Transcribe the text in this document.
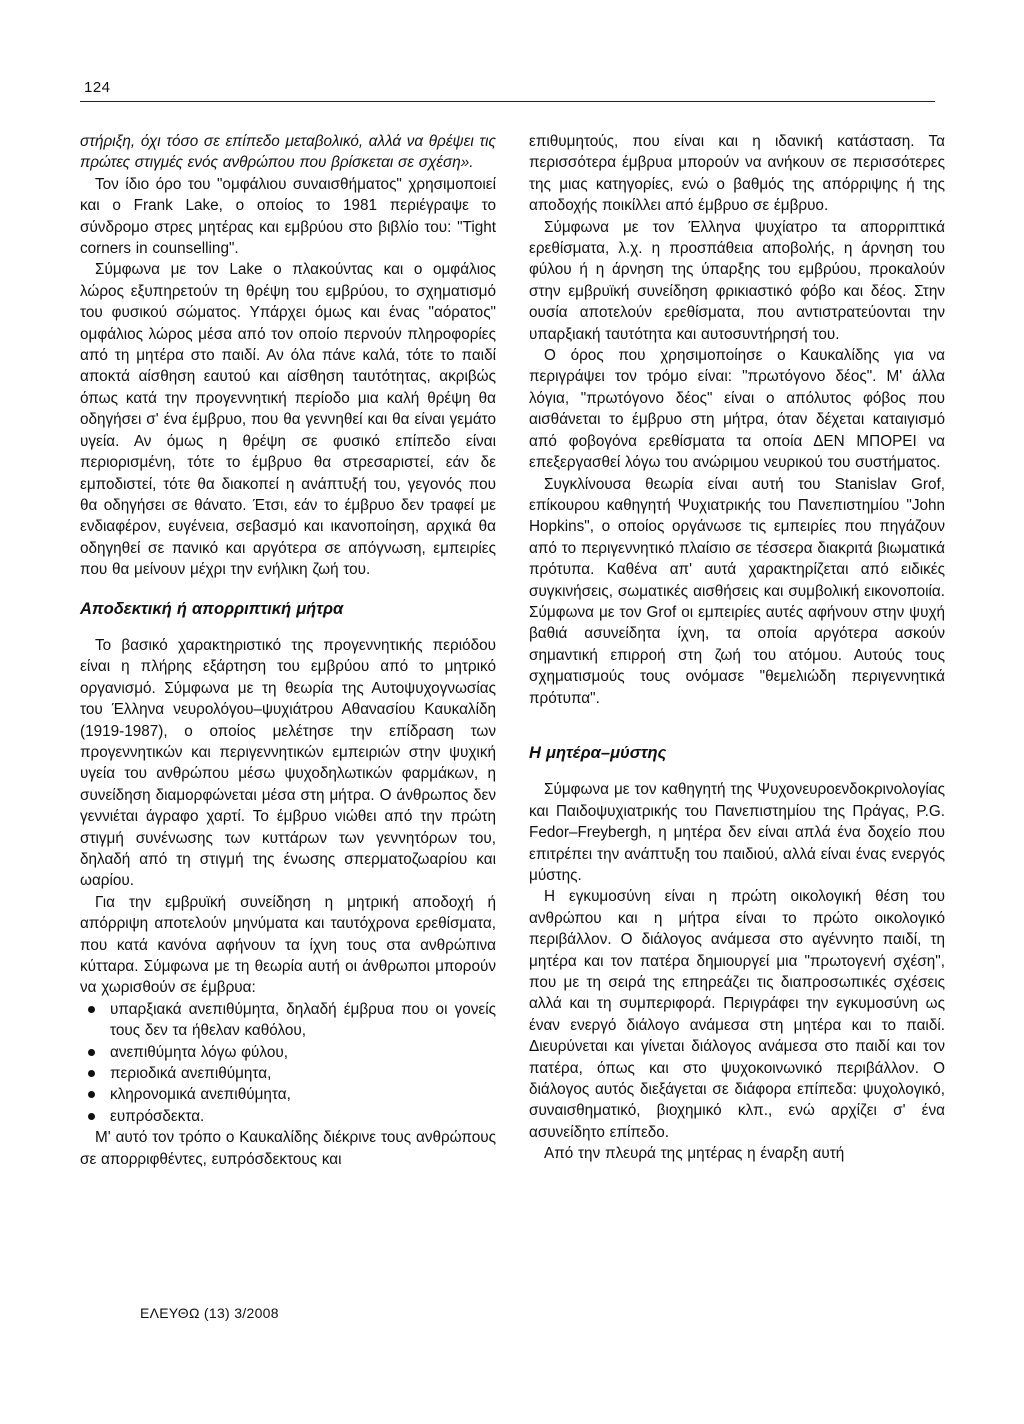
124

στήριξη, όχι τόσο σε επίπεδο μεταβολικό, αλλά να θρέψει τις πρώτες στιγμές ενός ανθρώπου που βρίσκεται σε σχέση».

Τον ίδιο όρο του "ομφάλιου συναισθήματος" χρησιμοποιεί και ο Frank Lake, ο οποίος το 1981 περιέγραψε το σύνδρομο στρες μητέρας και εμβρύου στο βιβλίο του: "Tight corners in counselling".

Σύμφωνα με τον Lake ο πλακούντας και ο ομφάλιος λώρος εξυπηρετούν τη θρέψη του εμβρύου, το σχηματισμό του φυσικού σώματος. Υπάρχει όμως και ένας "αόρατος" ομφάλιος λώρος μέσα από τον οποίο περνούν πληροφορίες από τη μητέρα στο παιδί. Αν όλα πάνε καλά, τότε το παιδί αποκτά αίσθηση εαυτού και αίσθηση ταυτότητας, ακριβώς όπως κατά την προγεννητική περίοδο μια καλή θρέψη θα οδηγήσει σ' ένα έμβρυο, που θα γεννηθεί και θα είναι γεμάτο υγεία. Αν όμως η θρέψη σε φυσικό επίπεδο είναι περιορισμένη, τότε το έμβρυο θα στρεσαριστεί, εάν δε εμποδιστεί, τότε θα διακοπεί η ανάπτυξή του, γεγονός που θα οδηγήσει σε θάνατο. Έτσι, εάν το έμβρυο δεν τραφεί με ενδιαφέρον, ευγένεια, σεβασμό και ικανοποίηση, αρχικά θα οδηγηθεί σε πανικό και αργότερα σε απόγνωση, εμπειρίες που θα μείνουν μέχρι την ενήλικη ζωή του.

Αποδεκτική ή απορριπτική μήτρα

Το βασικό χαρακτηριστικό της προγεννητικής περιόδου είναι η πλήρης εξάρτηση του εμβρύου από το μητρικό οργανισμό. Σύμφωνα με τη θεωρία της Αυτοψυχογνωσίας του Έλληνα νευρολόγου–ψυχιάτρου Αθανασίου Καυκαλίδη (1919-1987), ο οποίος μελέτησε την επίδραση των προγεννητικών και περιγεννητικών εμπειριών στην ψυχική υγεία του ανθρώπου μέσω ψυχοδηλωτικών φαρμάκων, η συνείδηση διαμορφώνεται μέσα στη μήτρα. Ο άνθρωπος δεν γεννιέται άγραφο χαρτί. Το έμβρυο νιώθει από την πρώτη στιγμή συνένωσης των κυττάρων των γεννητόρων του, δηλαδή από τη στιγμή της ένωσης σπερματοζωαρίου και ωαρίου.

Για την εμβρυϊκή συνείδηση η μητρική αποδοχή ή απόρριψη αποτελούν μηνύματα και ταυτόχρονα ερεθίσματα, που κατά κανόνα αφήνουν τα ίχνη τους στα ανθρώπινα κύτταρα. Σύμφωνα με τη θεωρία αυτή οι άνθρωποι μπορούν να χωρισθούν σε έμβρυα:

υπαρξιακά ανεπιθύμητα, δηλαδή έμβρυα που οι γονείς τους δεν τα ήθελαν καθόλου,
ανεπιθύμητα λόγω φύλου,
περιοδικά ανεπιθύμητα,
κληρονομικά ανεπιθύμητα,
ευπρόσδεκτα.

Μ' αυτό τον τρόπο ο Καυκαλίδης διέκρινε τους ανθρώπους σε απορριφθέντες, ευπρόσδεκτους και

επιθυμητούς, που είναι και η ιδανική κατάσταση. Τα περισσότερα έμβρυα μπορούν να ανήκουν σε περισσότερες της μιας κατηγορίες, ενώ ο βαθμός της απόρριψης ή της αποδοχής ποικίλλει από έμβρυο σε έμβρυο.

Σύμφωνα με τον Έλληνα ψυχίατρο τα απορριπτικά ερεθίσματα, λ.χ. η προσπάθεια αποβολής, η άρνηση του φύλου ή η άρνηση της ύπαρξης του εμβρύου, προκαλούν στην εμβρυϊκή συνείδηση φρικιαστικό φόβο και δέος. Στην ουσία αποτελούν ερεθίσματα, που αντιστρατεύονται την υπαρξιακή ταυτότητα και αυτοσυντήρησή του.

Ο όρος που χρησιμοποίησε ο Καυκαλίδης για να περιγράψει τον τρόμο είναι: "πρωτόγονο δέος". Μ' άλλα λόγια, "πρωτόγονο δέος" είναι ο απόλυτος φόβος που αισθάνεται το έμβρυο στη μήτρα, όταν δέχεται καταιγισμό από φοβογόνα ερεθίσματα τα οποία ΔΕΝ ΜΠΟΡΕΙ να επεξεργασθεί λόγω του ανώριμου νευρικού του συστήματος.

Συγκλίνουσα θεωρία είναι αυτή του Stanislav Grof, επίκουρου καθηγητή Ψυχιατρικής του Πανεπιστημίου "John Hopkins", ο οποίος οργάνωσε τις εμπειρίες που πηγάζουν από το περιγεννητικό πλαίσιο σε τέσσερα διακριτά βιωματικά πρότυπα. Καθένα απ' αυτά χαρακτηρίζεται από ειδικές συγκινήσεις, σωματικές αισθήσεις και συμβολική εικονοποιία. Σύμφωνα με τον Grof οι εμπειρίες αυτές αφήνουν στην ψυχή βαθιά ασυνείδητα ίχνη, τα οποία αργότερα ασκούν σημαντική επιρροή στη ζωή του ατόμου. Αυτούς τους σχηματισμούς τους ονόμασε "θεμελιώδη περιγεννητικά πρότυπα".

Η μητέρα–μύστης

Σύμφωνα με τον καθηγητή της Ψυχονευροενδοκρινολογίας και Παιδοψυχιατρικής του Πανεπιστημίου της Πράγας, P.G. Fedor–Freybergh, η μητέρα δεν είναι απλά ένα δοχείο που επιτρέπει την ανάπτυξη του παιδιού, αλλά είναι ένας ενεργός μύστης.

Η εγκυμοσύνη είναι η πρώτη οικολογική θέση του ανθρώπου και η μήτρα είναι το πρώτο οικολογικό περιβάλλον. Ο διάλογος ανάμεσα στο αγέννητο παιδί, τη μητέρα και τον πατέρα δημιουργεί μια "πρωτογενή σχέση", που με τη σειρά της επηρεάζει τις διαπροσωπικές σχέσεις αλλά και τη συμπεριφορά. Περιγράφει την εγκυμοσύνη ως έναν ενεργό διάλογο ανάμεσα στη μητέρα και το παιδί. Διευρύνεται και γίνεται διάλογος ανάμεσα στο παιδί και τον πατέρα, όπως και στο ψυχοκοινωνικό περιβάλλον. Ο διάλογος αυτός διεξάγεται σε διάφορα επίπεδα: ψυχολογικό, συναισθηματικό, βιοχημικό κλπ., ενώ αρχίζει σ' ένα ασυνείδητο επίπεδο.

Από την πλευρά της μητέρας η έναρξη αυτή

ΕΛΕΥΘΩ (13) 3/2008
